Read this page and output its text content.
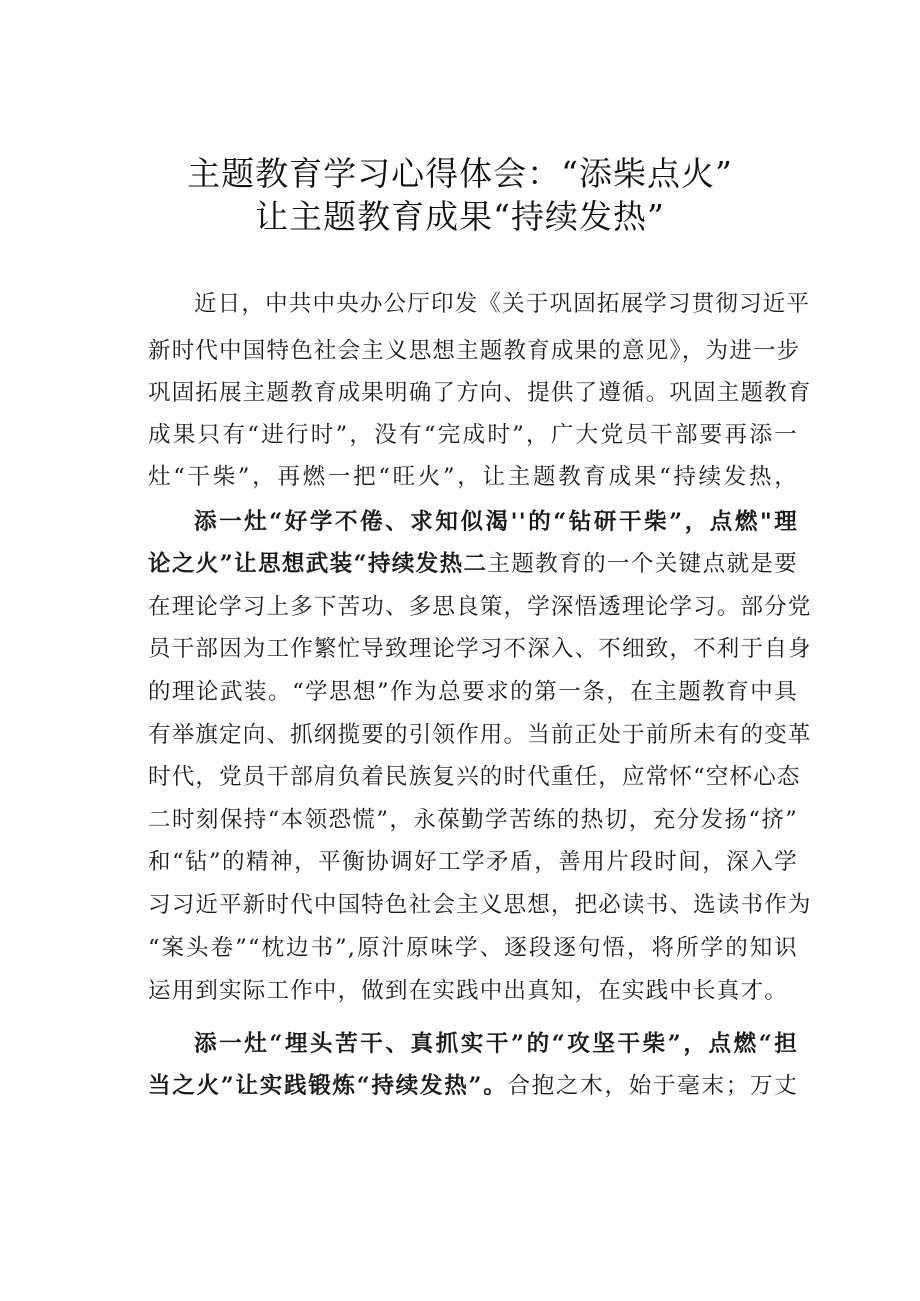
主题教育学习心得体会：“添柴点火”
让主题教育成果“持续发热”
近日，中共中央办公厅印发《关于巩固拓展学习贯彻习近平
新时代中国特色社会主义思想主题教育成果的意见》，为进一步
巩固拓展主题教育成果明确了方向、提供了遵循。巩固主题教育
成果只有“进行时”，没有“完成时”，广大党员干部要再添一
灶“干柴”，再燃一把“旺火”，让主题教育成果“持续发热，
添一灶“好学不倦、求知似渴''的“钻研干柴”，点燃"理
论之火”让思想武装“持续发热二主题教育的一个关键点就是要
在理论学习上多下苦功、多思良策，学深悟透理论学习。部分党
员干部因为工作繁忙导致理论学习不深入、不细致，不利于自身
的理论武装。“学思想”作为总要求的第一条，在主题教育中具
有举旗定向、抓纲揽要的引领作用。当前正处于前所未有的变革
时代，党员干部肩负着民族复兴的时代重任，应常怀“空杯心态
二时刻保持“本领恐慌”，永葆勤学苦练的热切，充分发扬“挤”
和“钻”的精神，平衡协调好工学矛盾，善用片段时间，深入学
习习近平新时代中国特色社会主义思想，把必读书、选读书作为
“案头卷”“枕边书”,原汁原味学、逐段逐句悟，将所学的知识
运用到实际工作中，做到在实践中出真知，在实践中长真才。
添一灶“埋头苦干、真抓实干”的“攻坚干柴”，点燃“担
当之火”让实践锻炼“持续发热”。合抱之木，始于毫末；万丈
